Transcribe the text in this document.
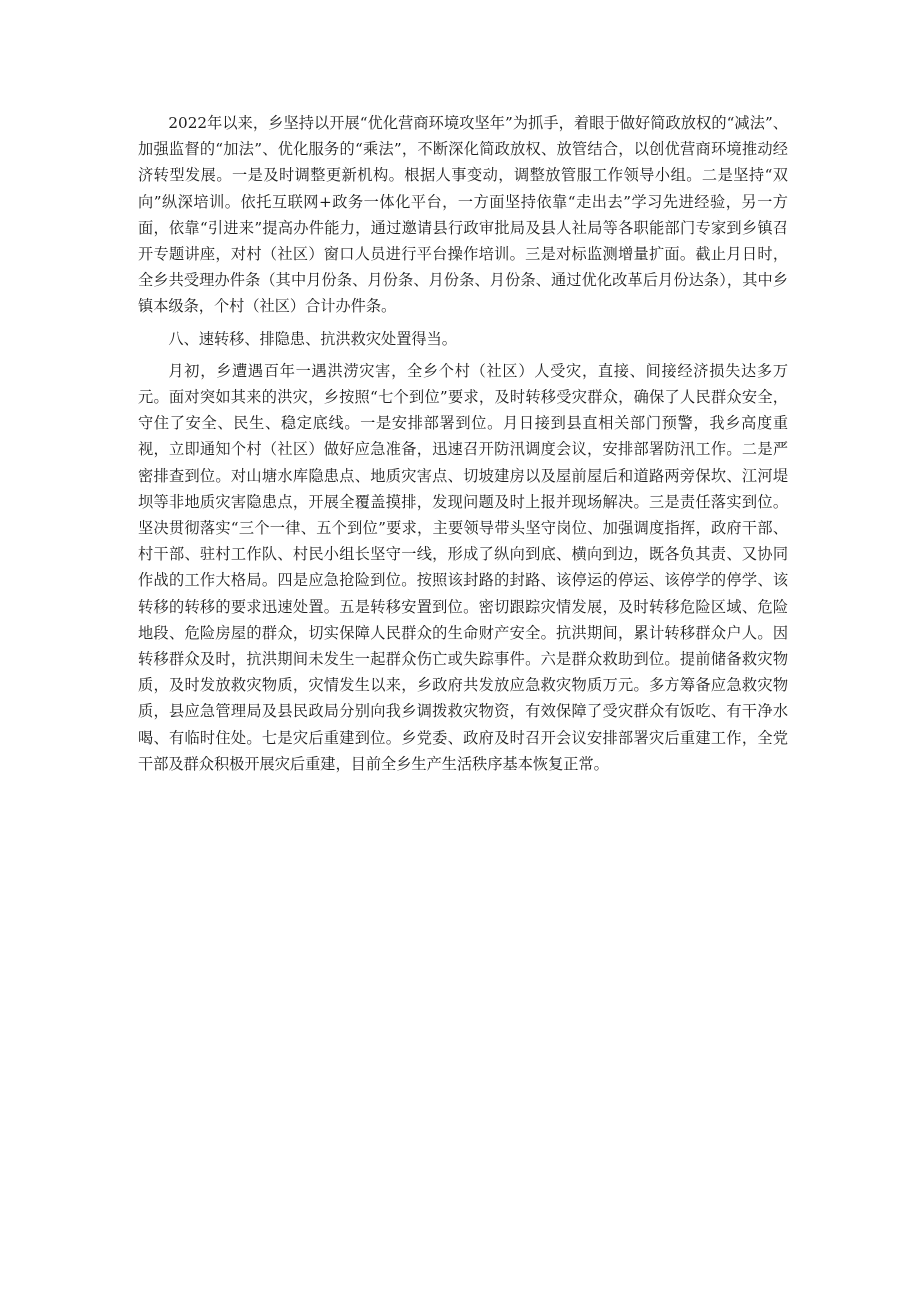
2022年以来，乡坚持以开展“优化营商环境攻坚年”为抓手，着眼于做好简政放权的“减法”、加强监督的“加法”、优化服务的“乘法”，不断深化简政放权、放管结合，以创优营商环境推动经济转型发展。一是及时调整更新机构。根据人事变动，调整放管服工作领导小组。二是坚持“双向”纵深培训。依托互联网+政务一体化平台，一方面坚持依靠“走出去”学习先进经验，另一方面，依靠“引进来”提高办件能力，通过邀请县行政审批局及县人社局等各职能部门专家到乡镇召开专题讲座，对村（社区）窗口人员进行平台操作培训。三是对标监测增量扩面。截止月日时，全乡共受理办件条（其中月份条、月份条、月份条、月份条、通过优化改革后月份达条），其中乡镇本级条，个村（社区）合计办件条。

八、速转移、排隐患、抗洪救灾处置得当。

月初，乡遭遇百年一遇洪涝灾害，全乡个村（社区）人受灾，直接、间接经济损失达多万元。面对突如其来的洪灾，乡按照“七个到位”要求，及时转移受灾群众，确保了人民群众安全，守住了安全、民生、稳定底线。一是安排部署到位。月日接到县直相关部门预警，我乡高度重视，立即通知个村（社区）做好应急准备，迅速召开防汛调度会议，安排部署防汛工作。二是严密排查到位。对山塘水库隐患点、地质灾害点、切坡建房以及屋前屋后和道路两旁保坎、江河堤坝等非地质灾害隐患点，开展全覆盖摸排，发现问题及时上报并现场解决。三是责任落实到位。坚决贯彻落实“三个一律、五个到位”要求，主要领导带头坚守岗位、加强调度指挥，政府干部、村干部、驻村工作队、村民小组长坚守一线，形成了纵向到底、横向到边，既各负其责、又协同作战的工作大格局。四是应急抢险到位。按照该封路的封路、该停运的停运、该停学的停学、该转移的转移的要求迅速处置。五是转移安置到位。密切跟踪灾情发展，及时转移危险区域、危险地段、危险房屋的群众，切实保障人民群众的生命财产安全。抗洪期间，累计转移群众户人。因转移群众及时，抗洪期间未发生一起群众伤亡或失踪事件。六是群众救助到位。提前储备救灾物质，及时发放救灾物质，灾情发生以来，乡政府共发放应急救灾物质万元。多方筹备应急救灾物质，县应急管理局及县民政局分别向我乡调拨救灾物资，有效保障了受灾群众有饭吃、有干净水喝、有临时住处。七是灾后重建到位。乡党委、政府及时召开会议安排部署灾后重建工作，全党干部及群众积极开展灾后重建，目前全乡生产生活秩序基本恢复正常。
